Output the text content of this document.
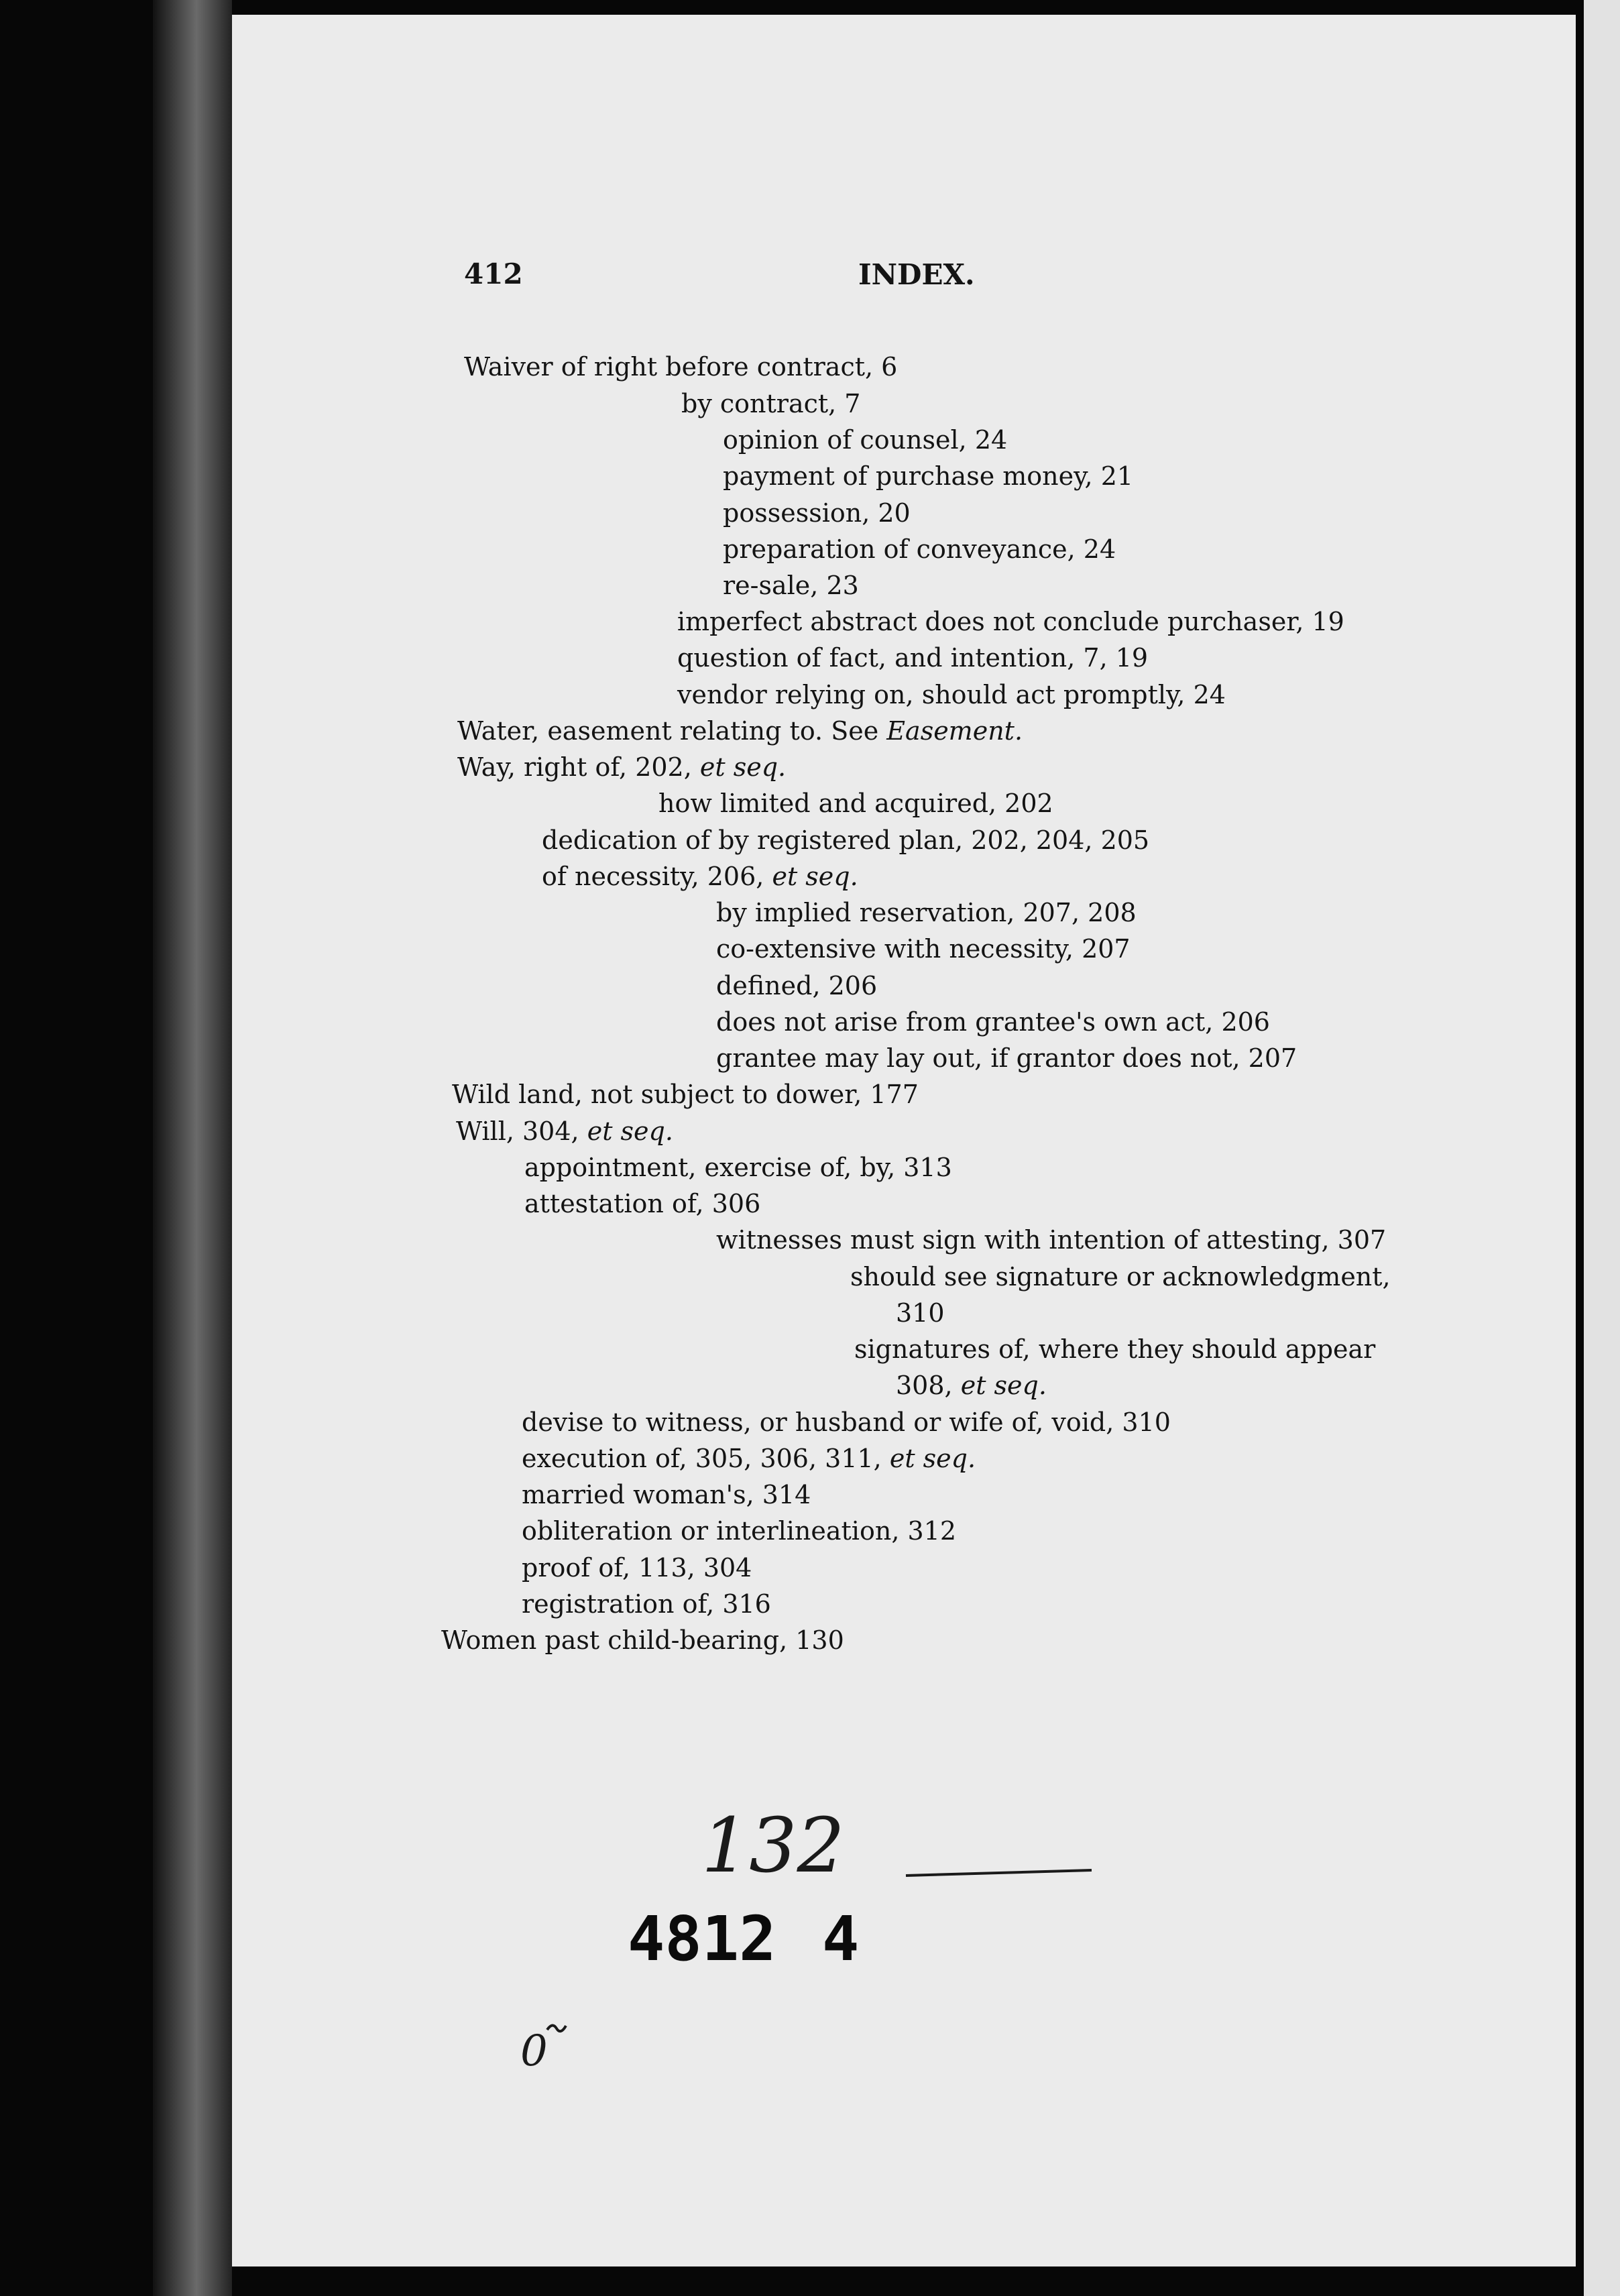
412	INDEX.
Waiver of right before contract, 6
by contract, 7
opinion of counsel, 24
payment of purchase money, 21
possession, 20
preparation of conveyance, 24
re-sale, 23
imperfect abstract does not conclude purchaser, 19
question of fact, and intention, 7, 19
vendor relying on, should act promptly, 24
Water, easement relating to. See Easement.
Way, right of, 202, et seq.
how limited and acquired, 202
dedication of by registered plan, 202, 204, 205
of necessity, 206, et seq.
by implied reservation, 207, 208
co-extensive with necessity, 207
defined, 206
does not arise from grantee's own act, 206
grantee may lay out, if grantor does not, 207
Wild land, not subject to dower, 177
Will, 304, et seq.
appointment, exercise of, by, 313
attestation of, 306
witnesses must sign with intention of attesting, 307
should see signature or acknowledgment,
310
signatures of, where they should appear
308, et seq.
devise to witness, or husband or wife of, void, 310
execution of, 305, 306, 311, et seq.
married woman's, 314
obliteration or interlineation, 312
proof of, 113, 304
registration of, 316
Women past child-bearing, 130
132
0
4812 4
